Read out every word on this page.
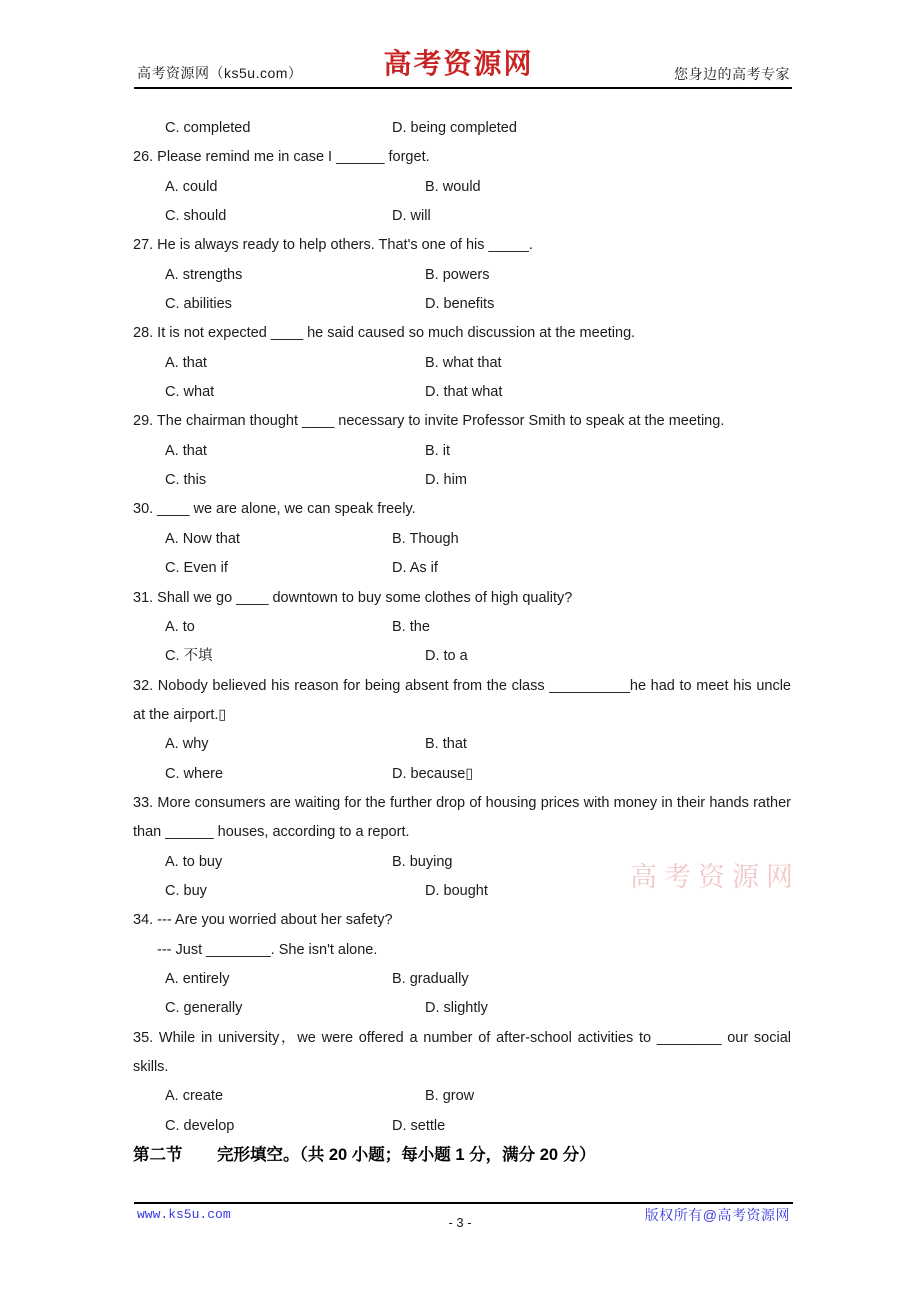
高考资源网（ks5u.com）	高考资源网	您身边的高考专家
高考资源网
C. completed	D. being completed
26. Please remind me in case I ______ forget.
A. could	B. would
C. should	D. will
27. He is always ready to help others. That's one of his _____.
A. strengths	B. powers
C. abilities	D. benefits
28. It is not expected ____ he said caused so much discussion at the meeting.
A. that	B. what that
C. what	D. that what
29. The chairman thought ____ necessary to invite Professor Smith to speak at the meeting.
A. that	B. it
C. this	D. him
30. ____ we are alone, we can speak freely.
A. Now that	B. Though
C. Even if	D. As if
31. Shall we go ____ downtown to buy some clothes of high quality?
A. to	B. the
C. 不填	D. to a
32. Nobody believed his reason for being absent from the class __________he had to meet his uncle at the airport.▯
A. why	B. that
C. where	D. because▯
33. More consumers are waiting for the further drop of housing prices with money in their hands rather than ______ houses, according to a report.
A. to buy	B. buying
C. buy	D. bought
34. --- Are you worried about her safety?
--- Just ________. She isn't alone.
A. entirely	B. gradually
C. generally	D. slightly
35. While in university，we were offered a number of after-school activities to ________ our social skills.
A. create	B. grow
C. develop	D. settle
第二节 完形填空。（共 20 小题；每小题 1 分，满分 20 分）
www.ks5u.com
- 3 -	版权所有@高考资源网
